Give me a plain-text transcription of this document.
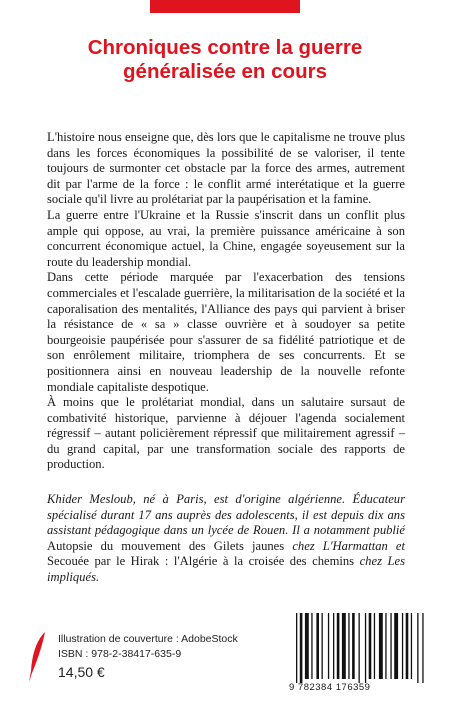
Chroniques contre la guerre
généralisée en cours

L'histoire nous enseigne que, dès lors que le capitalisme ne trouve plus dans les forces économiques la possibilité de se valoriser, il tente toujours de surmonter cet obstacle par la force des armes, autrement dit par l'arme de la force : le conflit armé interétatique et la guerre sociale qu'il livre au prolétariat par la paupérisation et la famine.

La guerre entre l'Ukraine et la Russie s'inscrit dans un conflit plus ample qui oppose, au vrai, la première puissance américaine à son concurrent économique actuel, la Chine, engagée soyeusement sur la route du leadership mondial.

Dans cette période marquée par l'exacerbation des tensions commerciales et l'escalade guerrière, la militarisation de la société et la caporalisation des mentalités, l'Alliance des pays qui parvient à briser la résistance de « sa » classe ouvrière et à soudoyer sa petite bourgeoisie paupérisée pour s'assurer de sa fidélité patriotique et de son enrôlement militaire, triomphera de ses concurrents. Et se positionnera ainsi en nouveau leadership de la nouvelle refonte mondiale capitaliste despotique.

À moins que le prolétariat mondial, dans un salutaire sursaut de combativité historique, parvienne à déjouer l'agenda socialement régressif – autant policièrement répressif que militairement agressif – du grand capital, par une transformation sociale des rapports de production.

Khider Mesloub, né à Paris, est d'origine algérienne. Éducateur spécialisé durant 17 ans auprès des adolescents, il est depuis dix ans assistant pédagogique dans un lycée de Rouen. Il a notamment publié Autopsie du mouvement des Gilets jaunes chez L'Harmattan et Secouée par le Hirak : l'Algérie à la croisée des chemins chez Les impliqués.
Illustration de couverture : AdobeStock
ISBN : 978-2-38417-635-9
14,50 €
9 782384 176359
